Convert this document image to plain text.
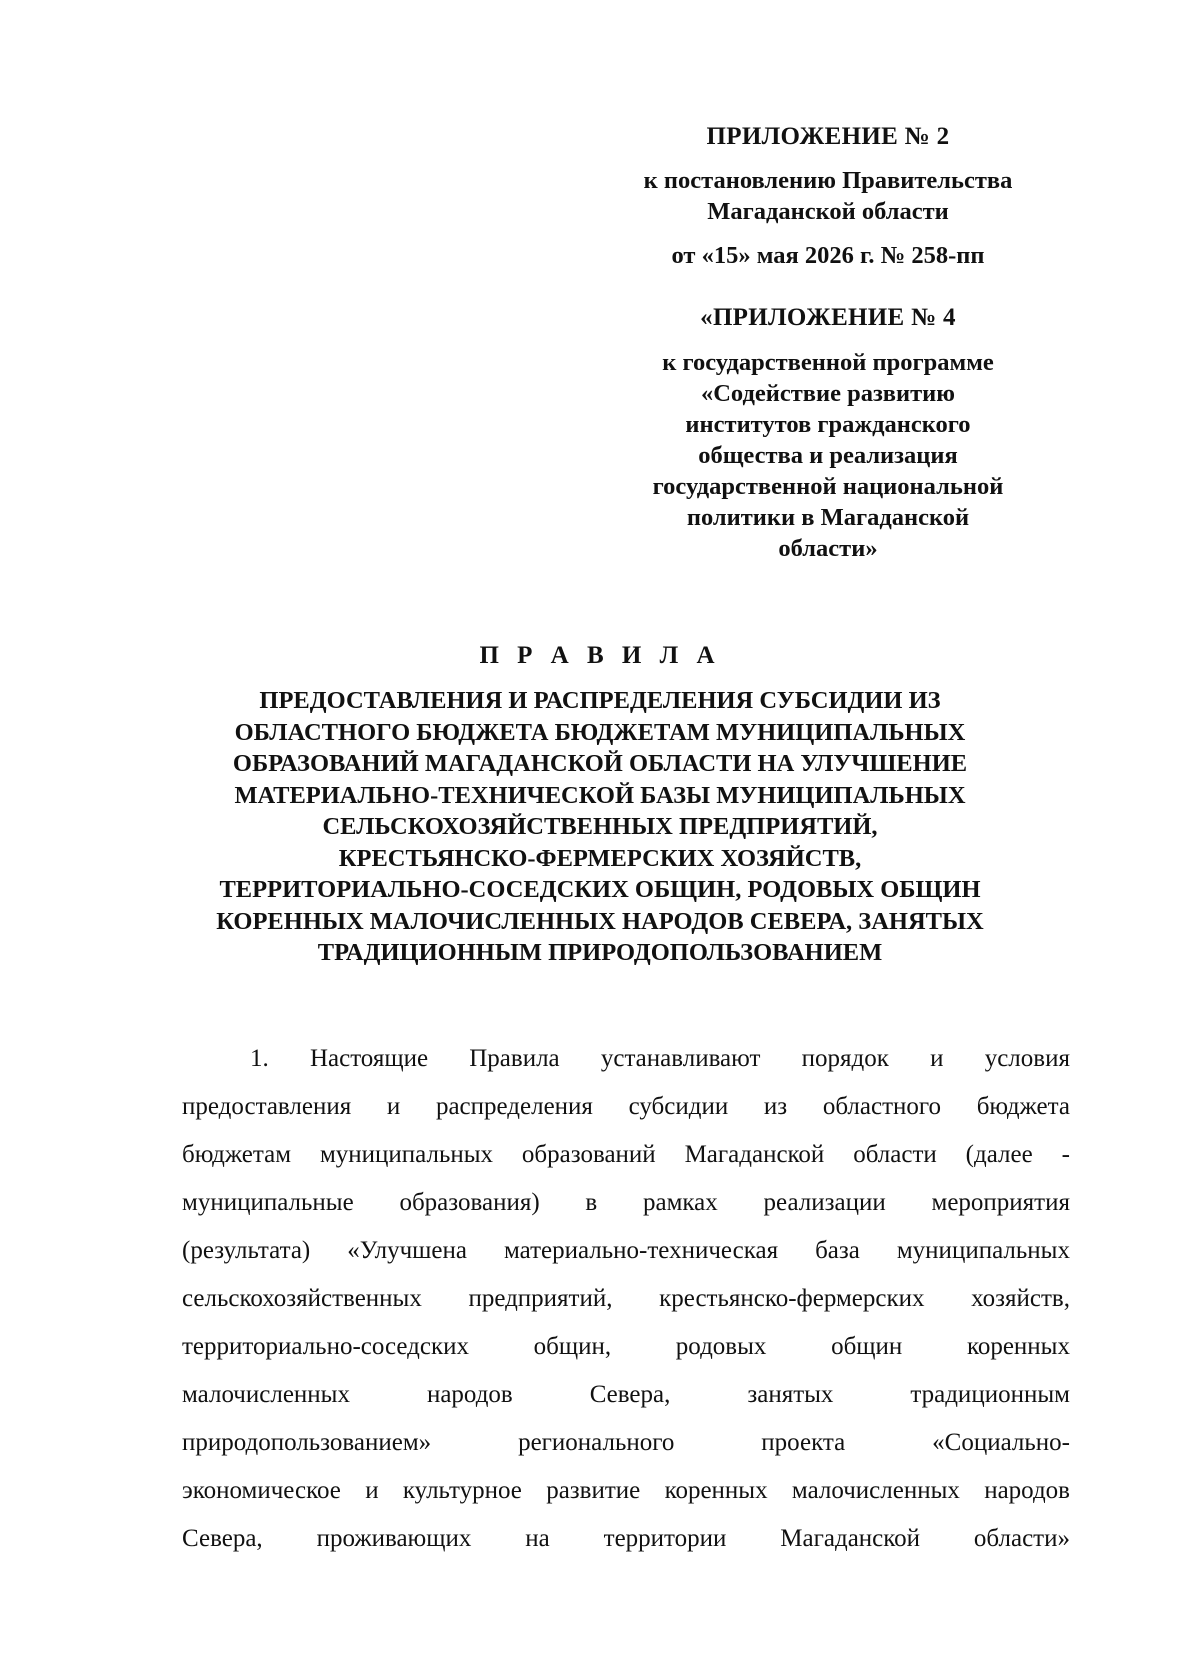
ПРИЛОЖЕНИЕ № 2
к постановлению Правительства
Магаданской области
от «15» мая 2026 г. № 258-пп
«ПРИЛОЖЕНИЕ № 4
к государственной программе
«Содействие развитию
институтов гражданского
общества и реализация
государственной национальной
политики в Магаданской
области»
П Р А В И Л А
ПРЕДОСТАВЛЕНИЯ И РАСПРЕДЕЛЕНИЯ СУБСИДИИ ИЗ
ОБЛАСТНОГО БЮДЖЕТА БЮДЖЕТАМ МУНИЦИПАЛЬНЫХ
ОБРАЗОВАНИЙ МАГАДАНСКОЙ ОБЛАСТИ НА УЛУЧШЕНИЕ
МАТЕРИАЛЬНО-ТЕХНИЧЕСКОЙ БАЗЫ МУНИЦИПАЛЬНЫХ
СЕЛЬСКОХОЗЯЙСТВЕННЫХ ПРЕДПРИЯТИЙ,
КРЕСТЬЯНСКО-ФЕРМЕРСКИХ ХОЗЯЙСТВ,
ТЕРРИТОРИАЛЬНО-СОСЕДСКИХ ОБЩИН, РОДОВЫХ ОБЩИН
КОРЕННЫХ МАЛОЧИСЛЕННЫХ НАРОДОВ СЕВЕРА, ЗАНЯТЫХ
ТРАДИЦИОННЫМ ПРИРОДОПОЛЬЗОВАНИЕМ
1. Настоящие Правила устанавливают порядок и условия
предоставления и распределения субсидии из областного бюджета
бюджетам муниципальных образований Магаданской области (далее -
муниципальные образования) в рамках реализации мероприятия
(результата) «Улучшена материально-техническая база муниципальных
сельскохозяйственных предприятий, крестьянско-фермерских хозяйств,
территориально-соседских	общин,	родовых	общин	коренных
малочисленных	народов	Севера,	занятых	традиционным
природопользованием»	регионального	проекта	«Социально-
экономическое и культурное развитие коренных малочисленных народов
Севера, проживающих на территории Магаданской области»
